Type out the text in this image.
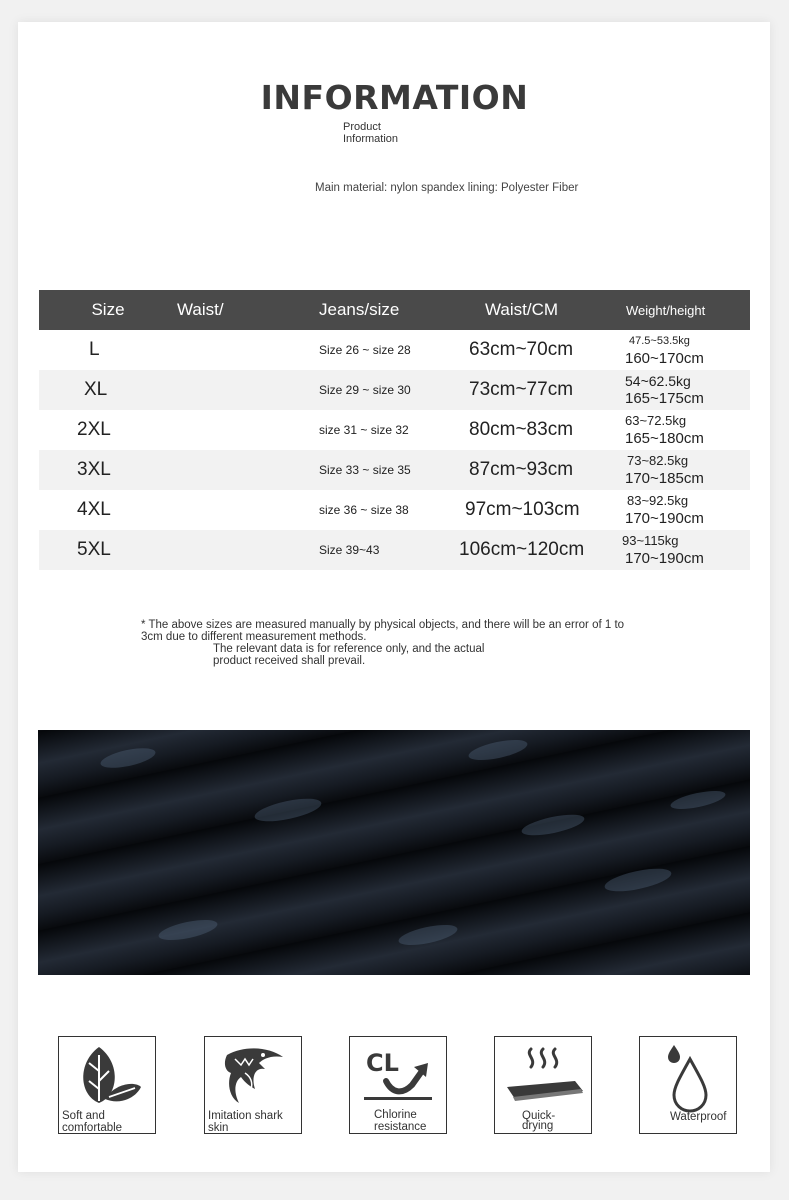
INFORMATION
Product Information
Main material: nylon spandex lining: Polyester Fiber
Size	Waist/	Jeans/size	Waist/CM	Weight/height
L		Size 26 ~ size 28	63cm~70cm	47.5~53.5kg
160~170cm

XL		Size 29 ~ size 30	73cm~77cm	54~62.5kg
165~175cm

2XL		size 31 ~ size 32	80cm~83cm	63~72.5kg
165~180cm

3XL		Size 33 ~ size 35	87cm~93cm	73~82.5kg
170~185cm

4XL		size 36 ~ size 38	97cm~103cm	83~92.5kg
170~190cm

5XL		Size 39~43	106cm~120cm	93~115kg
170~190cm
* The above sizes are measured manually by physical objects, and there will be an error of 1 to 3cm due to different measurement methods.
The relevant data is for reference only, and the actual product received shall prevail.
Soft and comfortable
Imitation shark skin
CL
Chlorine resistance
Quick-drying
Waterproof
